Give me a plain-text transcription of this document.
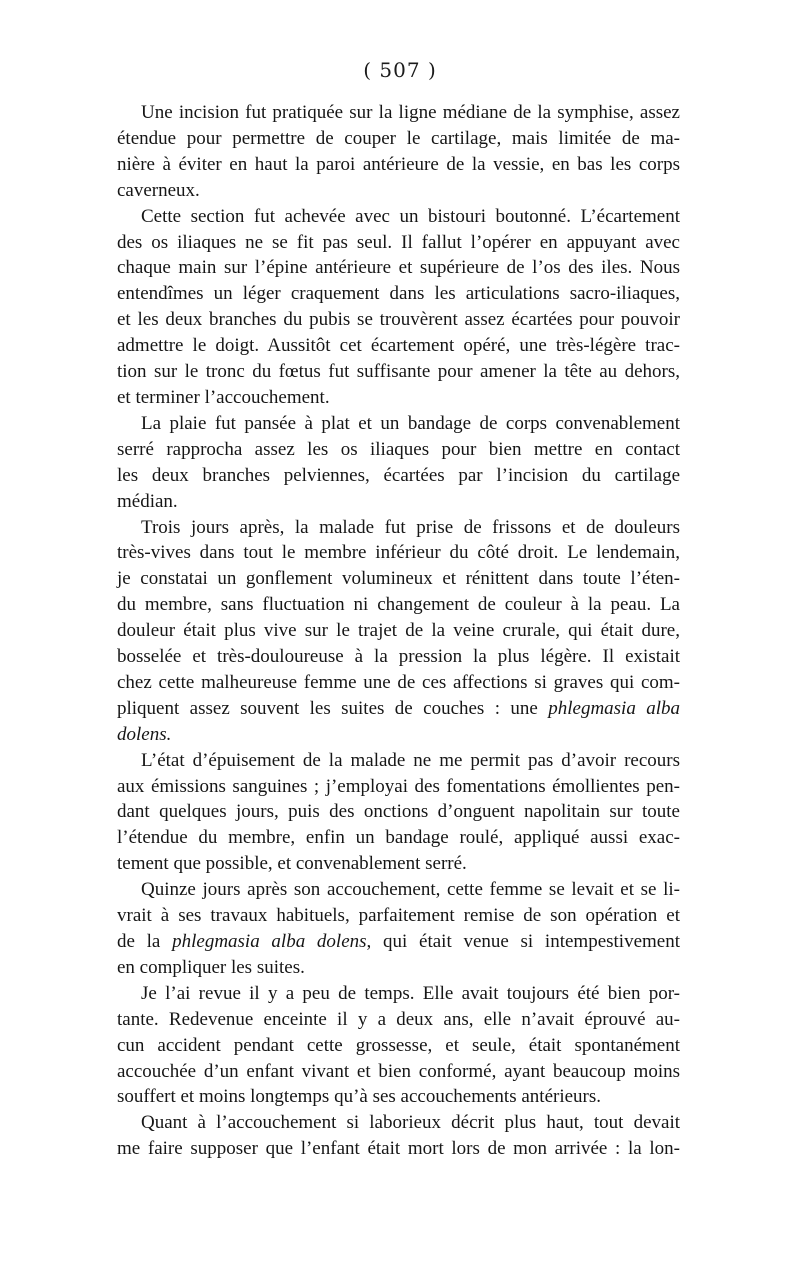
( 507 )
Une incision fut pratiquée sur la ligne médiane de la symphise, assez
étendue pour permettre de couper le cartilage, mais limitée de ma-
nière à éviter en haut la paroi antérieure de la vessie, en bas les corps
caverneux.
Cette section fut achevée avec un bistouri boutonné. L’écartement
des os iliaques ne se fit pas seul. Il fallut l’opérer en appuyant avec
chaque main sur l’épine antérieure et supérieure de l’os des iles. Nous
entendîmes un léger craquement dans les articulations sacro-iliaques,
et les deux branches du pubis se trouvèrent assez écartées pour pouvoir
admettre le doigt. Aussitôt cet écartement opéré, une très-légère trac-
tion sur le tronc du fœtus fut suffisante pour amener la tête au dehors,
et terminer l’accouchement.
La plaie fut pansée à plat et un bandage de corps convenablement
serré rapprocha assez les os iliaques pour bien mettre en contact
les deux branches pelviennes, écartées par l’incision du cartilage
médian.
Trois jours après, la malade fut prise de frissons et de douleurs
très-vives dans tout le membre inférieur du côté droit. Le lendemain,
je constatai un gonflement volumineux et rénittent dans toute l’éten-
du membre, sans fluctuation ni changement de couleur à la peau. La
douleur était plus vive sur le trajet de la veine crurale, qui était dure,
bosselée et très-douloureuse à la pression la plus légère. Il existait
chez cette malheureuse femme une de ces affections si graves qui com-
pliquent assez souvent les suites de couches : une phlegmasia alba
dolens.
L’état d’épuisement de la malade ne me permit pas d’avoir recours
aux émissions sanguines ; j’employai des fomentations émollientes pen-
dant quelques jours, puis des onctions d’onguent napolitain sur toute
l’étendue du membre, enfin un bandage roulé, appliqué aussi exac-
tement que possible, et convenablement serré.
Quinze jours après son accouchement, cette femme se levait et se li-
vrait à ses travaux habituels, parfaitement remise de son opération et
de la phlegmasia alba dolens, qui était venue si intempestivement
en compliquer les suites.
Je l’ai revue il y a peu de temps. Elle avait toujours été bien por-
tante. Redevenue enceinte il y a deux ans, elle n’avait éprouvé au-
cun accident pendant cette grossesse, et seule, était spontanément
accouchée d’un enfant vivant et bien conformé, ayant beaucoup moins
souffert et moins longtemps qu’à ses accouchements antérieurs.
Quant à l’accouchement si laborieux décrit plus haut, tout devait
me faire supposer que l’enfant était mort lors de mon arrivée : la lon-
